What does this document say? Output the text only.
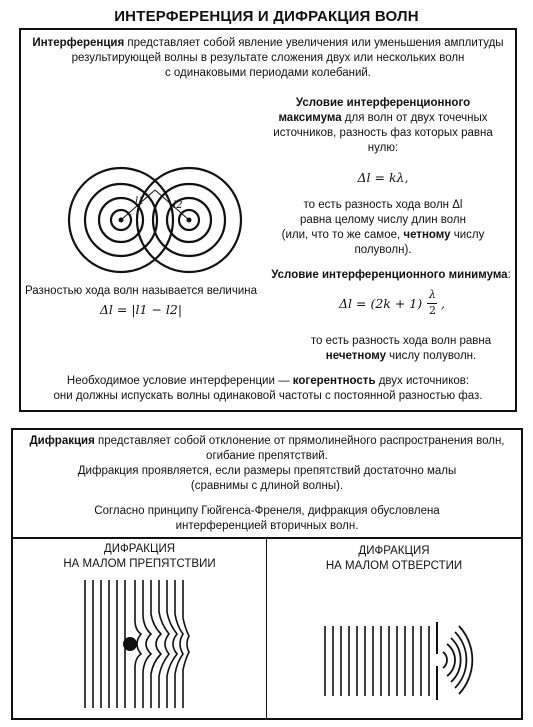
ИНТЕРФЕРЕНЦИЯ И ДИФРАКЦИЯ ВОЛН
Интерференция представляет собой явление увеличения или уменьшения амплитуды
результирующей волны в результате сложения двух или нескольких волн
с одинаковыми периодами колебаний.
Условие интерференционного
максимума для волн от двух точечных
источников, разность фаз которых равна
нулю:
Δl = kλ,
то есть разность хода волн Δl
равна целому числу длин волн
(или, что то же самое, четному числу
полуволн).
Условие интерференционного минимума:
Δl = (2k + 1)
λ
2 ,
то есть разность хода волн равна
нечетному числу полуволн.
Разностью хода волн называется величина
Δl = |l1 − l2|
Необходимое условие интерференции — когерентность двух источников:
они должны испускать волны одинаковой частоты с постоянной разностью фаз.
l1	l2
Дифракция представляет собой отклонение от прямолинейного распространения волн,
огибание препятствий.
Дифракция проявляется, если размеры препятствий достаточно малы
(сравнимы с длиной волны).
Согласно принципу Гюйгенса-Френеля, дифракция обусловлена
интерференцией вторичных волн.
ДИФРАКЦИЯ
НА МАЛОМ ПРЕПЯТСТВИИ
ДИФРАКЦИЯ
НА МАЛОМ ОТВЕРСТИИ
